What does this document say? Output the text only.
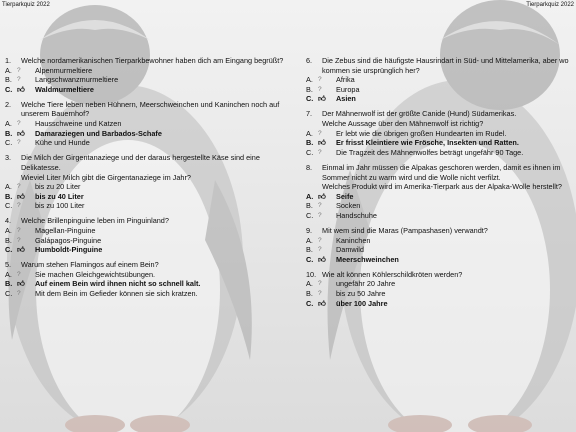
Tierparkquiz 2022	Tierparkquiz 2022
1.	Welche nordamerikanischen Tierparkbewohner haben dich am Eingang begrüßt?
A. ?	Alpenmurmeltiere
B. ?	Langschwanzmurmeltiere
C. 👍︎	Waldmurmeltiere
2.	Welche Tiere leben neben Hühnern, Meerschweinchen und Kaninchen noch auf unserem Bauernhof?
A. ?	Hausschweine und Katzen
B. 👍︎	Damaraziegen und Barbados-Schafe
C. ?	Kühe und Hunde
3.	Die Milch der Girgentanaziege und der daraus hergestellte Käse sind eine Delikatesse.
Wieviel Liter Milch gibt die Girgentanaziege im Jahr?
A. ?	bis zu 20 Liter
B. 👍︎	bis zu 40 Liter
C. ?	bis zu 100 Liter
4.	Welche Brillenpinguine leben im Pinguinland?
A. ?	Magellan-Pinguine
B. ?	Galápagos-Pinguine
C. 👍︎	Humboldt-Pinguine
5.	Warum stehen Flamingos auf einem Bein?
A. ?	Sie machen Gleichgewichtsübungen.
B. 👍︎	Auf einem Bein wird ihnen nicht so schnell kalt.
C. ?	Mit dem Bein im Gefieder können sie sich kratzen.
6.	Die Zebus sind die häufigste Hausrindart in Süd- und Mittelamerika, aber wo kommen sie ursprünglich her?
A. ?	Afrika
B. ?	Europa
C. 👍︎	Asien
7.	Der Mähnenwolf ist der größte Canide (Hund) Südamerikas.
Welche Aussage über den Mähnenwolf ist richtig?
A. ?	Er lebt wie die übrigen großen Hundearten im Rudel.
B. 👍︎	Er frisst Kleintiere wie Frösche, Insekten und Ratten.
C. ?	Die Tragzeit des Mähnenwolfes beträgt ungefähr 90 Tage.
8.	Einmal im Jahr müssen die Alpakas geschoren werden, damit es ihnen im Sommer nicht zu warm wird und die Wolle nicht verfilzt.
Welches Produkt wird im Amerika-Tierpark aus der Alpaka-Wolle herstellt?
A. 👍︎	Seife
B. ?	Socken
C. ?	Handschuhe
9.	Mit wem sind die Maras (Pampashasen) verwandt?
A. ?	Kaninchen
B. ?	Damwild
C. 👍︎	Meerschweinchen
10. Wie alt können Köhlerschildkröten werden?
A. ?	ungefähr 20 Jahre
B. ?	bis zu 50 Jahre
C. 👍︎	über 100 Jahre
